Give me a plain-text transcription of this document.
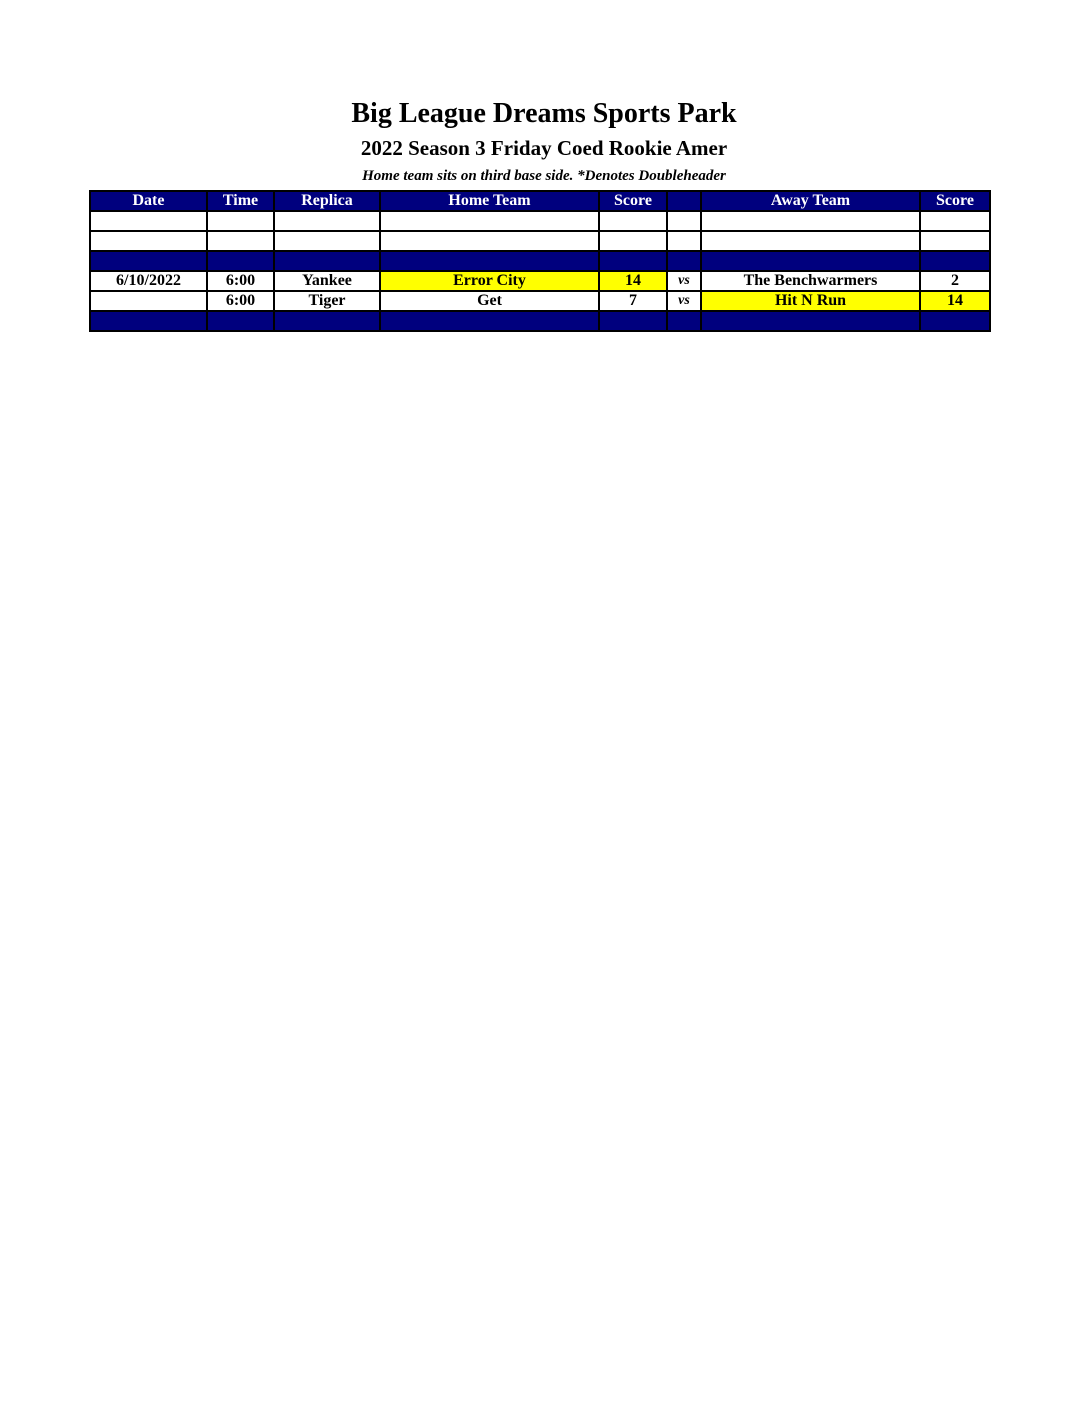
Big League Dreams Sports Park
2022 Season 3 Friday Coed Rookie Amer
Home team sits on third base side. *Denotes Doubleheader
Date	Time	Replica	Home Team	Score		Away Team	Score

6/10/2022	6:00	Yankee	Error City	14	vs	The Benchwarmers	2
	6:00	Tiger	Get	7	vs	Hit N Run	14
